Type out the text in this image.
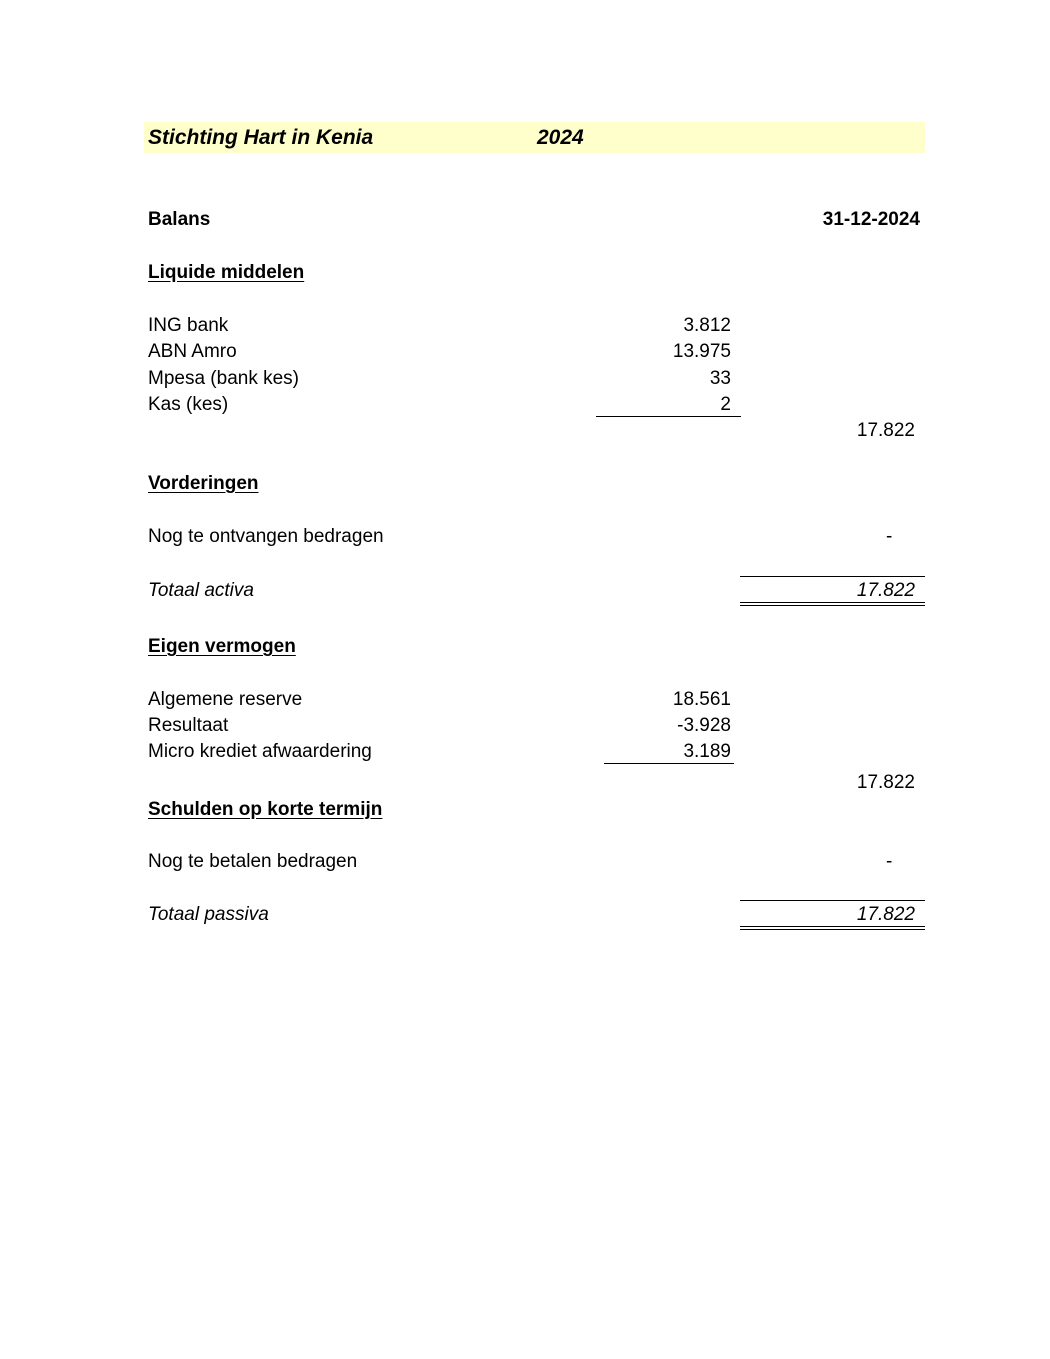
Stichting Hart in Kenia	2024
Balans	31-12-2024
Liquide middelen
ING bank	3.812
ABN Amro	13.975
Mpesa (bank kes)	33
Kas (kes)	2
17.822
Vorderingen
Nog te ontvangen bedragen	-
Totaal activa	17.822
Eigen vermogen
Algemene reserve	18.561
Resultaat	-3.928
Micro krediet afwaardering	3.189
17.822
Schulden op korte termijn
Nog te betalen bedragen	-
Totaal passiva	17.822
